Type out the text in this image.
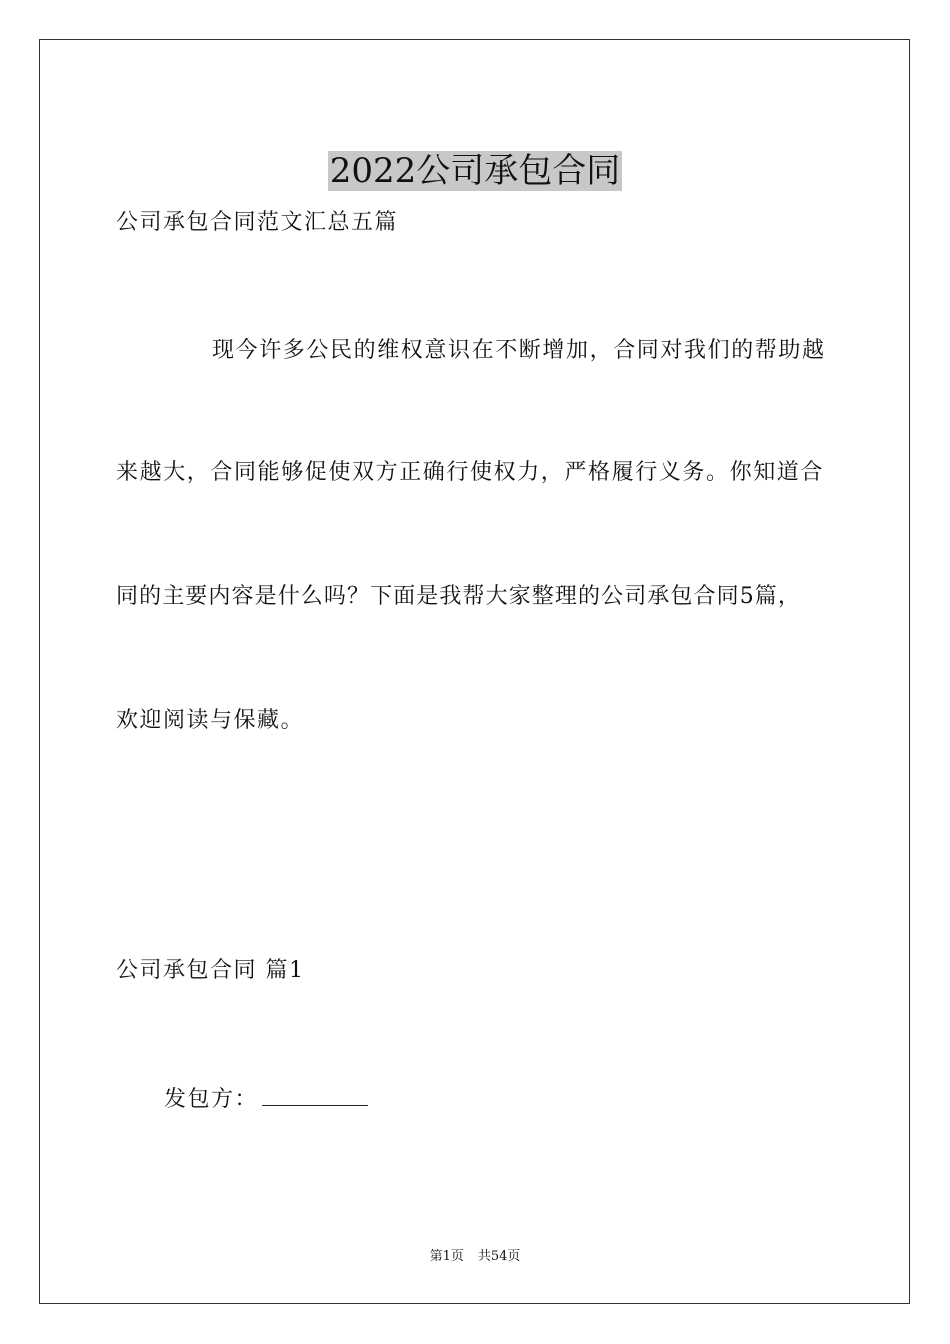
2022公司承包合同
公司承包合同范文汇总五篇
现今许多公民的维权意识在不断增加，合同对我们的帮助越
来越大，合同能够促使双方正确行使权力，严格履行义务。你知道合
同的主要内容是什么吗？下面是我帮大家整理的公司承包合同5篇，
欢迎阅读与保藏。
公司承包合同 篇1
发包方：
第1页 共54页
